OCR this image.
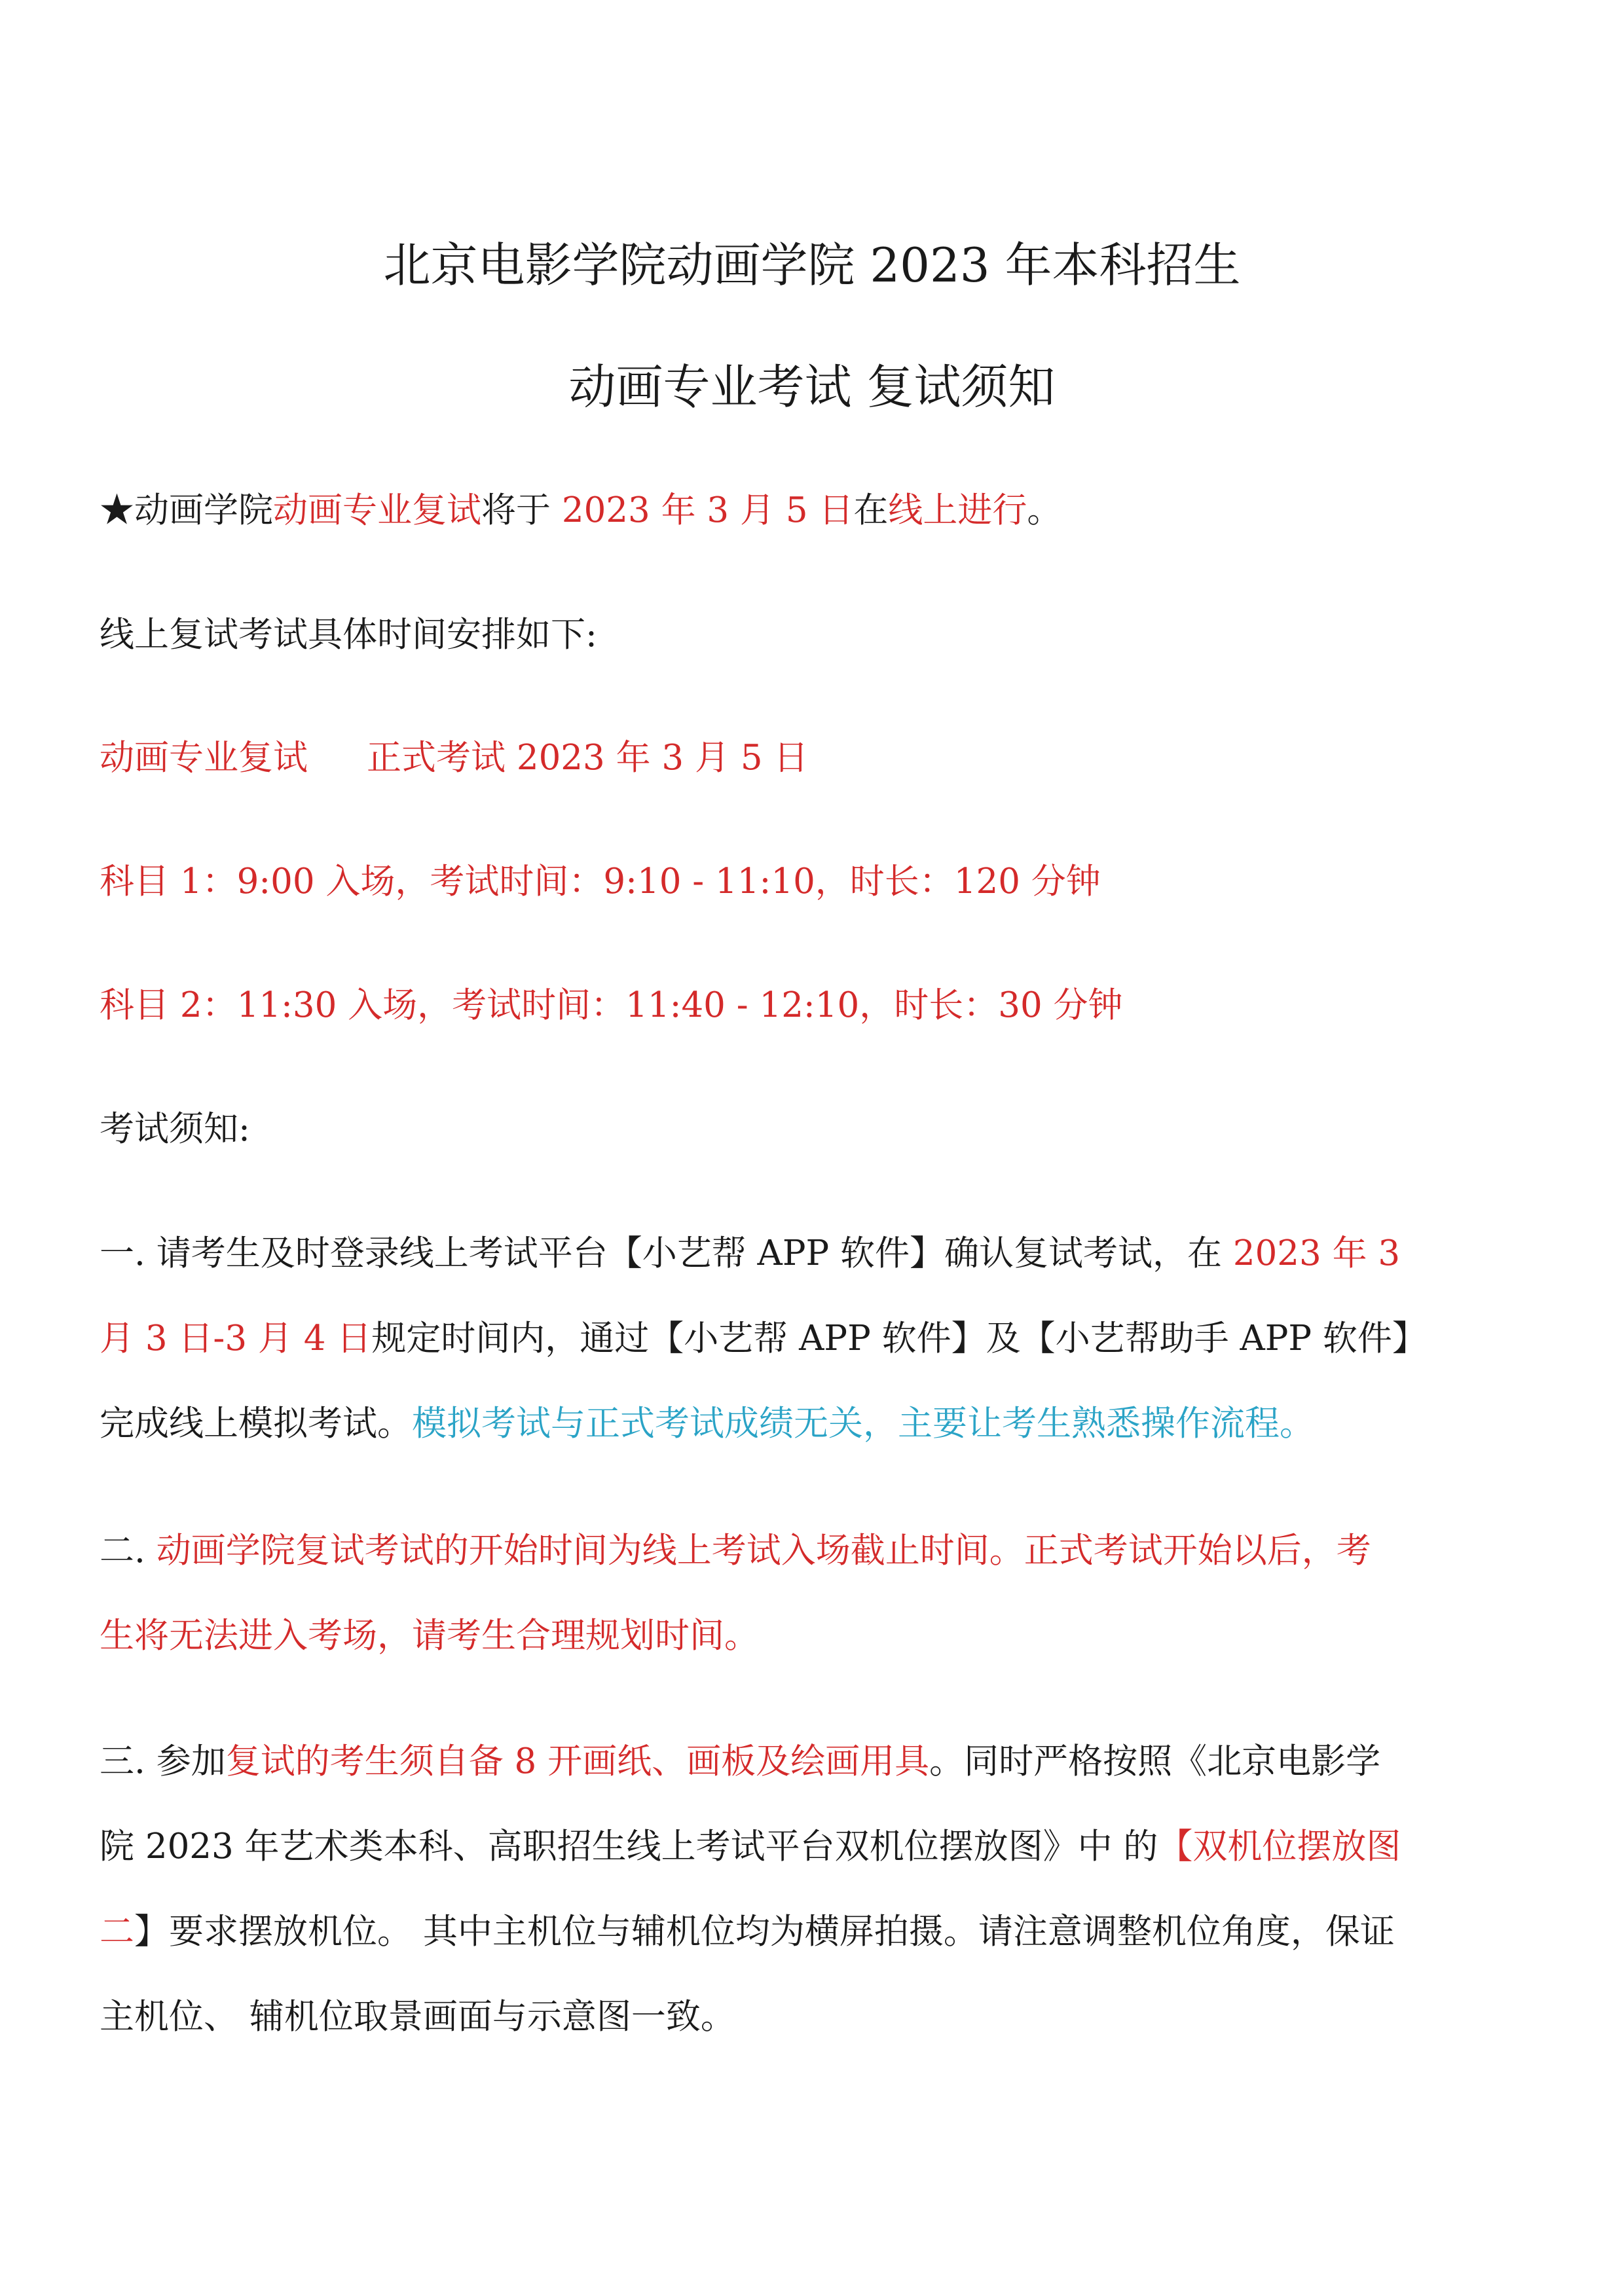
北京电影学院动画学院 2023 年本科招生
动画专业考试 复试须知
★动画学院动画专业复试将于 2023 年 3 月 5 日在线上进行。
线上复试考试具体时间安排如下:
动画专业复试 正式考试 2023 年 3 月 5 日
科目 1：9:00 入场，考试时间：9:10 - 11:10，时长：120 分钟
科目 2：11:30 入场，考试时间：11:40 - 12:10，时长：30 分钟
考试须知:
一. 请考生及时登录线上考试平台【小艺帮 APP 软件】确认复试考试，在 2023 年 3
月 3 日-3 月 4 日规定时间内，通过【小艺帮 APP 软件】及【小艺帮助手 APP 软件】
完成线上模拟考试。模拟考试与正式考试成绩无关，主要让考生熟悉操作流程。
二. 动画学院复试考试的开始时间为线上考试入场截止时间。正式考试开始以后，考
生将无法进入考场，请考生合理规划时间。
三. 参加复试的考生须自备 8 开画纸、画板及绘画用具。同时严格按照《北京电影学
院 2023 年艺术类本科、高职招生线上考试平台双机位摆放图》中 的【双机位摆放图
二】要求摆放机位。 其中主机位与辅机位均为横屏拍摄。请注意调整机位角度，保证
主机位、 辅机位取景画面与示意图一致。
